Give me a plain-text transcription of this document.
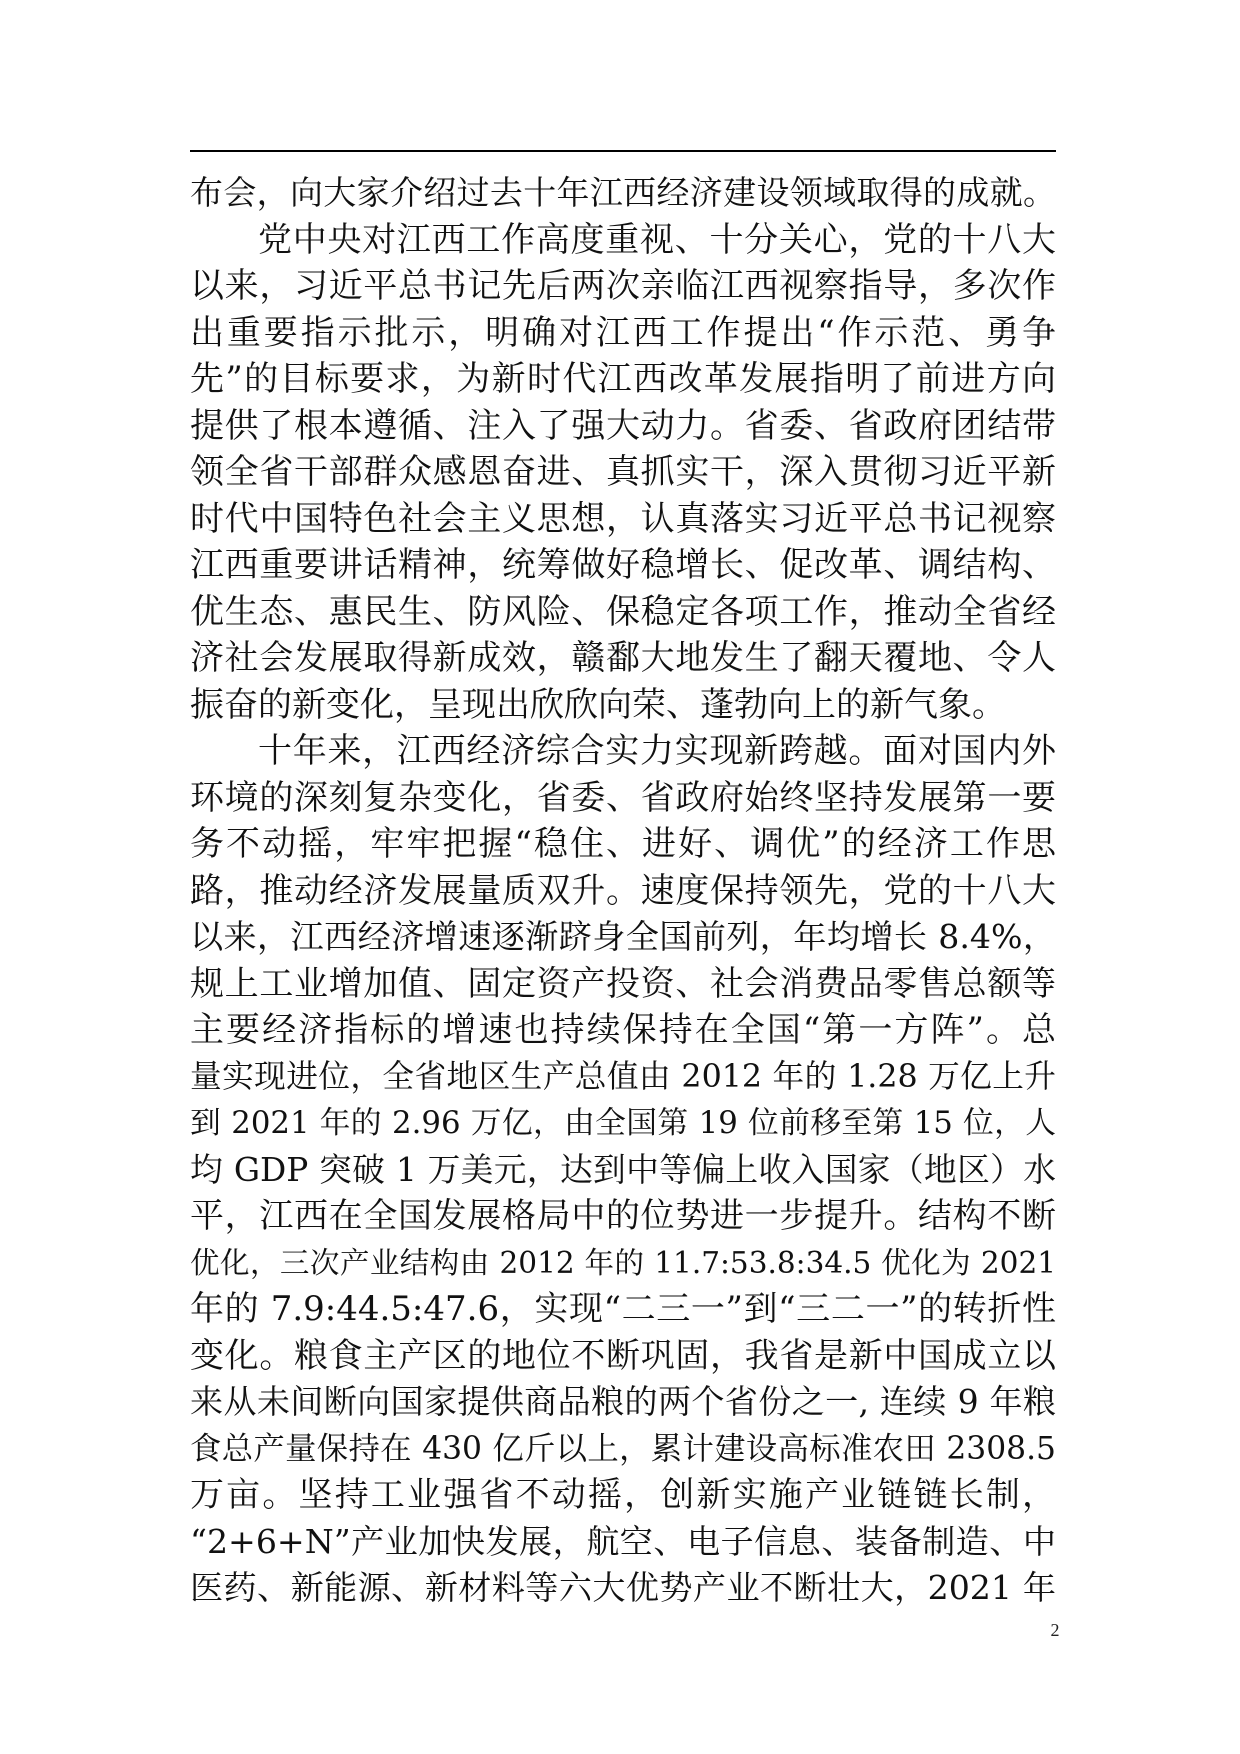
布会，向大家介绍过去十年江西经济建设领域取得的成就。
党中央对江西工作高度重视、十分关心，党的十八大
以来，习近平总书记先后两次亲临江西视察指导，多次作
出重要指示批示，明确对江西工作提出“作示范、勇争
先”的目标要求，为新时代江西改革发展指明了前进方向
提供了根本遵循、注入了强大动力。省委、省政府团结带
领全省干部群众感恩奋进、真抓实干，深入贯彻习近平新
时代中国特色社会主义思想，认真落实习近平总书记视察
江西重要讲话精神，统筹做好稳增长、促改革、调结构、
优生态、惠民生、防风险、保稳定各项工作，推动全省经
济社会发展取得新成效，赣鄱大地发生了翻天覆地、令人
振奋的新变化，呈现出欣欣向荣、蓬勃向上的新气象。
十年来，江西经济综合实力实现新跨越。面对国内外
环境的深刻复杂变化，省委、省政府始终坚持发展第一要
务不动摇，牢牢把握“稳住、进好、调优”的经济工作思
路，推动经济发展量质双升。速度保持领先，党的十八大
以来，江西经济增速逐渐跻身全国前列，年均增长 8.4%，
规上工业增加值、固定资产投资、社会消费品零售总额等
主要经济指标的增速也持续保持在全国“第一方阵”。总
量实现进位，全省地区生产总值由 2012 年的 1.28 万亿上升
到 2021 年的 2.96 万亿，由全国第 19 位前移至第 15 位，人
均 GDP 突破 1 万美元，达到中等偏上收入国家（地区）水
平，江西在全国发展格局中的位势进一步提升。结构不断
优化，三次产业结构由 2012 年的 11.7:53.8:34.5 优化为 2021
年的 7.9:44.5:47.6，实现“二三一”到“三二一”的转折性
变化。粮食主产区的地位不断巩固，我省是新中国成立以
来从未间断向国家提供商品粮的两个省份之一, 连续 9 年粮
食总产量保持在 430 亿斤以上，累计建设高标准农田 2308.5
万亩。坚持工业强省不动摇，创新实施产业链链长制，
“2+6+N”产业加快发展，航空、电子信息、装备制造、中
医药、新能源、新材料等六大优势产业不断壮大，2021 年
2
